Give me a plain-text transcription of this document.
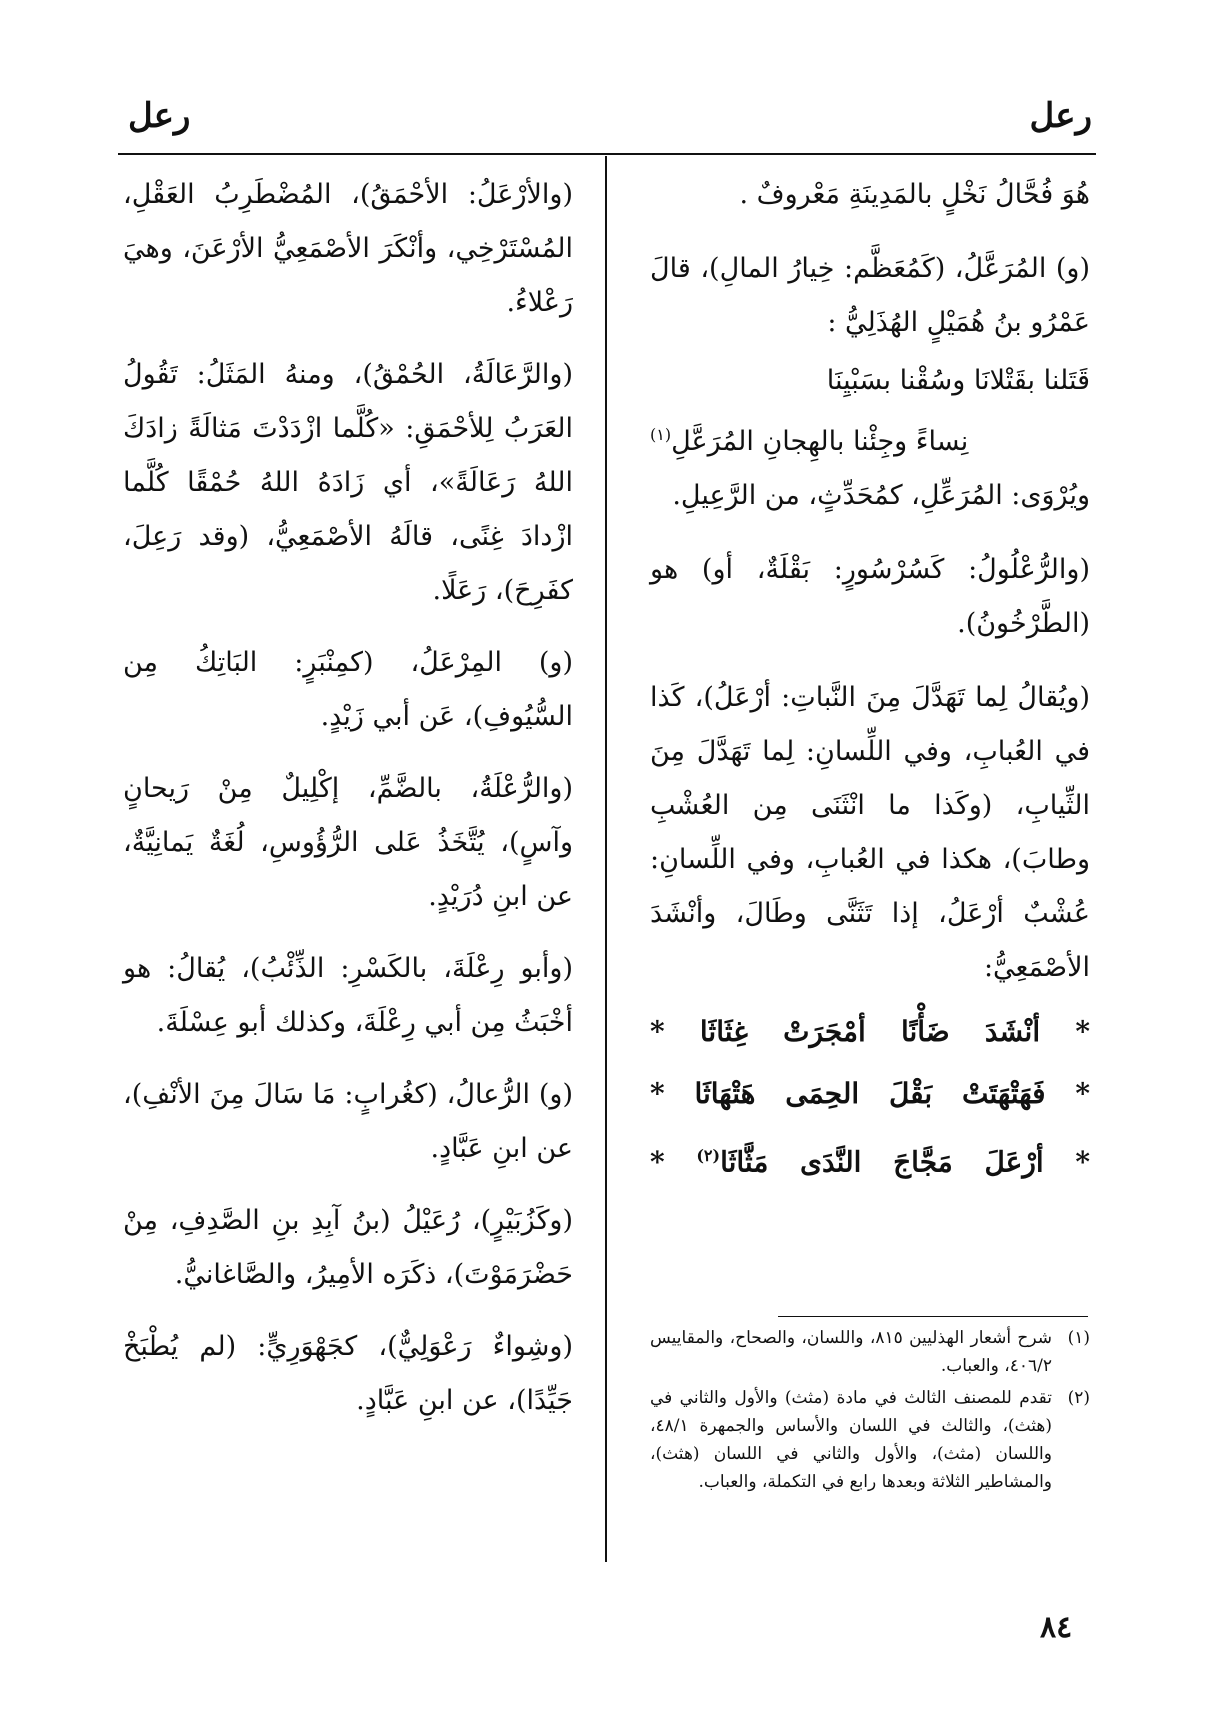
رعل
رعل

هُوَ فُحَّالُ نَخْلٍ بالمَدِينَةِ مَعْروفٌ .

(و) المُرَعَّلُ، (كَمُعَظَّم: خِيارُ المالِ)، قالَ عَمْرُو بنُ هُمَيْلٍ الهُذَلِيُّ :

قَتَلنا بقَتْلانَا وسُقْنا بسَبْيِنَا

نِساءً وجِئْنا بالهِجانِ المُرَعَّلِ$^{(١)}$

ويُرْوَى: المُرَعِّلِ، كمُحَدِّثٍ، من الرَّعِيلِ.

(والرُّعْلُولُ: كَسُرْسُورٍ: بَقْلَةٌ، أو) هو (الطَّرْخُونُ).

(ويُقالُ لِما تَهَدَّلَ مِنَ النَّباتِ: أرْعَلُ)، كَذا في العُبابِ، وفي اللِّسانِ: لِما تَهَدَّلَ مِنَ الثِّيابِ، (وكَذا ما انْثَنَى مِن العُشْبِ وطابَ)، هكذا في العُبابِ، وفي اللِّسانِ: عُشْبٌ أرْعَلُ، إذا تَثَنَّى وطَالَ، وأنْشَدَ الأصْمَعِيُّ:

* أنْشَدَ ضَأْنًا أمْجَرَتْ غِثَاثَا *

* فَهَتْهَتَتْ بَقْلَ الحِمَى هَتْهَاثَا *

* أرْعَلَ مَجَّاجَ النَّدَى مَثَّاثَا$^{(٢)}$ *

(١)
شرح أشعار الهذليين ٨١٥، واللسان، والصحاح، والمقاييس ٤٠٦/٢، والعباب.

(٢)
تقدم للمصنف الثالث في مادة (مثث) والأول والثاني في (هثث)، والثالث في اللسان والأساس والجمهرة ٤٨/١، واللسان (مثث)، والأول والثاني في اللسان (هثث)، والمشاطير الثلاثة وبعدها رابع في التكملة، والعباب.

(والأرْعَلُ: الأحْمَقُ)، المُضْطَرِبُ العَقْلِ، المُسْتَرْخِي، وأنْكَرَ الأصْمَعِيُّ الأرْعَنَ، وهيَ رَعْلاءُ.

(والرَّعَالَةُ، الحُمْقُ)، ومنهُ المَثَلُ: تَقُولُ العَرَبُ لِلأحْمَقِ: «كُلَّما ازْدَدْتَ مَثالَةً زادَكَ اللهُ رَعَالَةً»، أي زَادَهُ اللهُ حُمْقًا كُلَّما ازْدادَ غِنًى، قالَهُ الأصْمَعِيُّ، (وقد رَعِلَ، كفَرِحَ)، رَعَلًا.

(و) المِرْعَلُ، (كمِنْبَرٍ: البَاتِكُ مِن السُّيُوفِ)، عَن أبي زَيْدٍ.

(والرُّعْلَةُ، بالضَّمِّ، إكْلِيلٌ مِنْ رَيحانٍ وآسٍ)، يُتَّخَذُ عَلى الرُّؤُوسِ، لُغَةٌ يَمانِيَّةٌ، عن ابنِ دُرَيْدٍ.

(وأبو رِعْلَةَ، بالكَسْرِ: الذِّئْبُ)، يُقالُ: هو أخْبَثُ مِن أبي رِعْلَةَ، وكذلك أبو عِسْلَةَ.

(و) الرُّعالُ، (كغُرابٍ: مَا سَالَ مِنَ الأنْفِ)، عن ابنِ عَبَّادٍ.

(وكَزُبَيْرٍ)، رُعَيْلُ (بنُ آبِدِ بنِ الصَّدِفِ، مِنْ حَضْرَمَوْتَ)، ذكَرَه الأمِيرُ، والصَّاغانيُّ.

(وشِواءٌ رَعْوَلِيٌّ)، كجَهْوَرِيٍّ: (لم يُطْبَخْ جَيِّدًا)، عن ابنِ عَبَّادٍ.

٨٤
